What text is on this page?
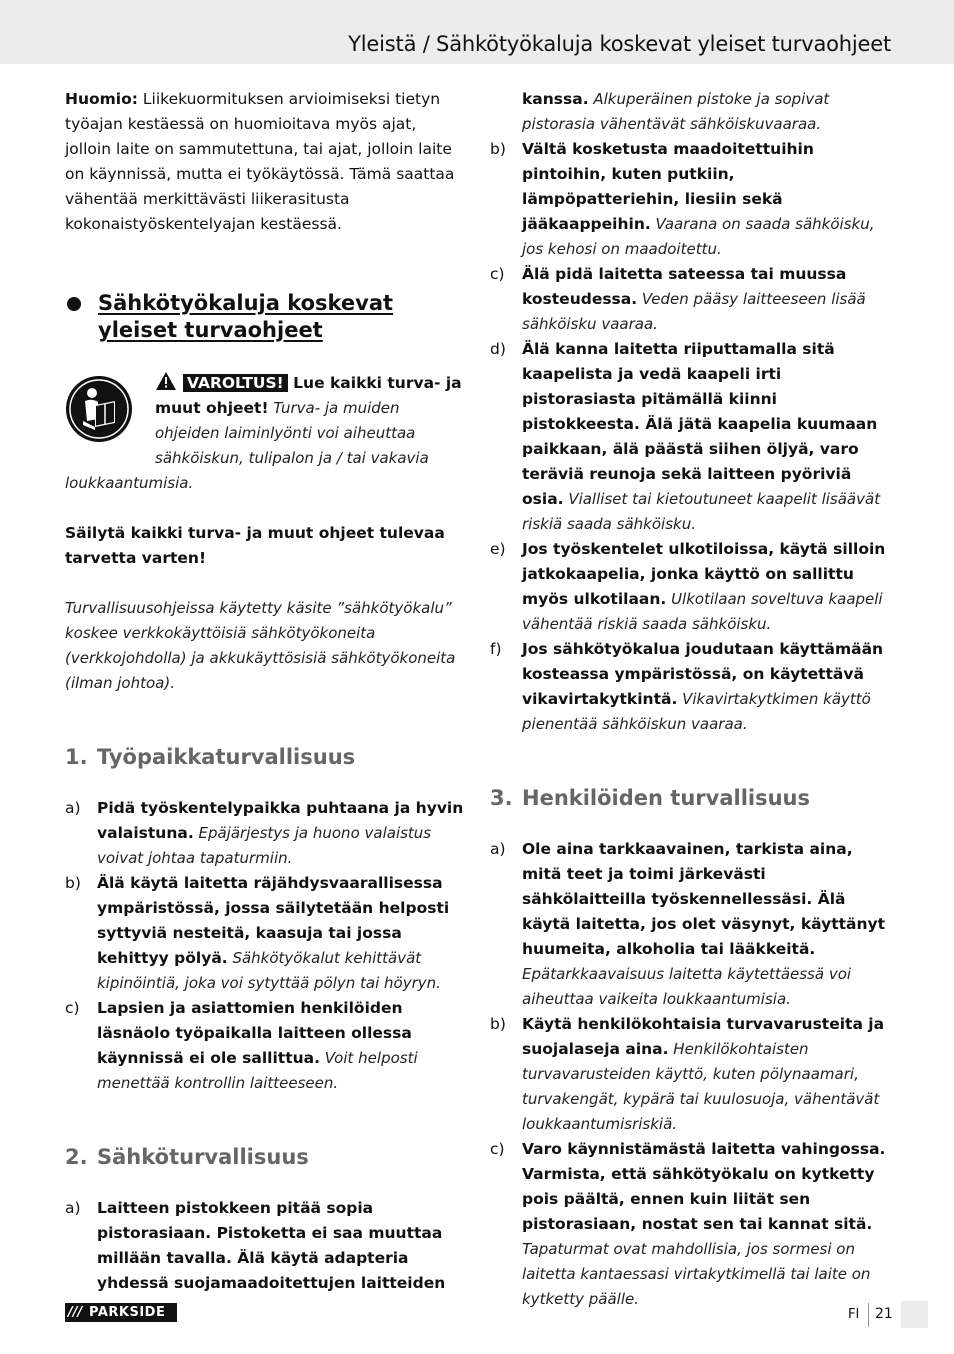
Yleistä / Sähkötyökaluja koskevat yleiset turvaohjeet

Huomio: Liikekuormituksen arvioimiseksi tietyn työajan kestäessä on huomioitava myös ajat, jolloin laite on sammutettuna, tai ajat, jolloin laite on käynnissä, mutta ei työkäytössä. Tämä saattaa vähentää merkittävästi liikerasitusta kokonaistyöskentelyajan kestäessä.

Sähkötyökaluja koskevat yleiset turvaohjeet

VAROLTUS! Lue kaikki turva- ja muut ohjeet! Turva- ja muiden ohjeiden laiminlyönti voi aiheuttaa sähköiskun, tulipalon ja / tai vakavia loukkaantumisia.

Säilytä kaikki turva- ja muut ohjeet tulevaa tarvetta varten!

Turvallisuusohjeissa käytetty käsite ”sähkötyökalu” koskee verkkokäyttöisiä sähkötyökoneita (verkkojohdolla) ja akkukäyttösisiä sähkötyökoneita (ilman johtoa).

1. Työpaikkaturvallisuus
a)	Pidä työskentelypaikka puhtaana ja hyvin valaistuna. Epäjärjestys ja huono valaistus voivat johtaa tapaturmiin.
b)	Älä käytä laitetta räjähdysvaarallisessa ympäristössä, jossa säilytetään helposti syttyviä nesteitä, kaasuja tai jossa kehittyy pölyä. Sähkötyökalut kehittävät kipinöintiä, joka voi sytyttää pölyn tai höyryn.
c)	Lapsien ja asiattomien henkilöiden läsnäolo työpaikalla laitteen ollessa käynnissä ei ole sallittua. Voit helposti menettää kontrollin laitteeseen.
2. Sähköturvallisuus
a)	Laitteen pistokkeen pitää sopia pistorasiaan. Pistoketta ei saa muuttaa millään tavalla. Älä käytä adapteria yhdessä suojamaadoitettujen laitteiden
kanssa. Alkuperäinen pistoke ja sopivat pistorasia vähentävät sähköiskuvaaraa.
b)	Vältä kosketusta maadoitettuihin pintoihin, kuten putkiin, lämpöpatteriehin, liesiin sekä jääkaappeihin. Vaarana on saada sähköisku, jos kehosi on maadoitettu.
c)	Älä pidä laitetta sateessa tai muussa kosteudessa. Veden pääsy laitteeseen lisää sähköisku vaaraa.
d)	Älä kanna laitetta riiputtamalla sitä kaapelista ja vedä kaapeli irti pistorasiasta pitämällä kiinni pistokkeesta. Älä jätä kaapelia kuumaan paikkaan, älä päästä siihen öljyä, varo teräviä reunoja sekä laitteen pyöriviä osia. Vialliset tai kietoutuneet kaapelit lisäävät riskiä saada sähköisku.
e)	Jos työskentelet ulkotiloissa, käytä silloin jatkokaapelia, jonka käyttö on sallittu myös ulkotilaan. Ulkotilaan soveltuva kaapeli vähentää riskiä saada sähköisku.
f)	Jos sähkötyökalua joudutaan käyttämään kosteassa ympäristössä, on käytettävä vikavirtakytkintä. Vikavirtakytkimen käyttö pienentää sähköiskun vaaraa.
3. Henkilöiden turvallisuus
a)	Ole aina tarkkaavainen, tarkista aina, mitä teet ja toimi järkevästi sähkölaitteilla työskennellessäsi. Älä käytä laitetta, jos olet väsynyt, käyttänyt huumeita, alkoholia tai lääkkeitä. Epätarkkaavaisuus laitetta käytettäessä voi aiheuttaa vaikeita loukkaantumisia.
b)	Käytä henkilökohtaisia turvavarusteita ja suojalaseja aina. Henkilökohtaisten turvavarusteiden käyttö, kuten pölynaamari, turvakengät, kypärä tai kuulosuoja, vähentävät loukkaantumisriskiä.
c)	Varo käynnistämästä laitetta vahingossa. Varmista, että sähkötyökalu on kytketty pois päältä, ennen kuin liität sen pistorasiaan, nostat sen tai kannat sitä. Tapaturmat ovat mahdollisia, jos sormesi on laitetta kantaessasi virtakytkimellä tai laite on kytketty päälle.
/// PARKSIDE	FI 21
